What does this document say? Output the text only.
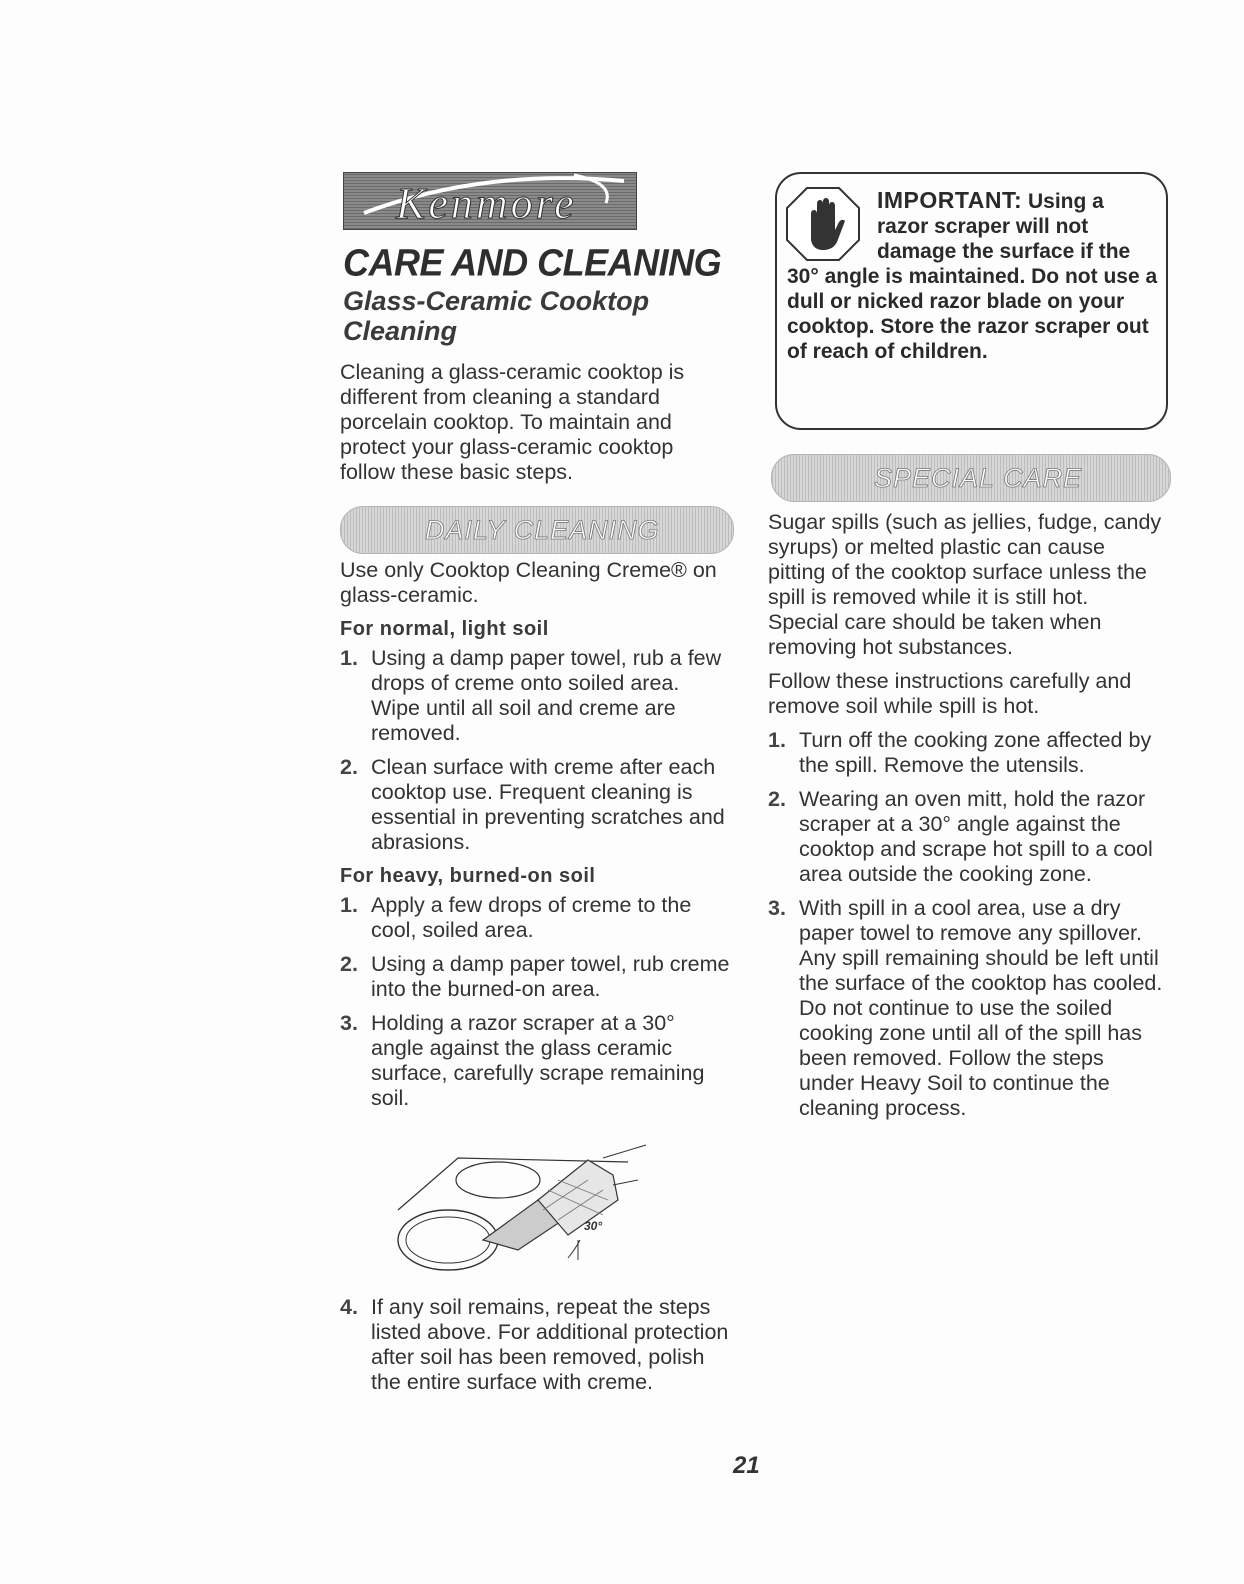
Kenmore
CARE AND CLEANING
Glass-Ceramic Cooktop Cleaning
Cleaning a glass-ceramic cooktop is different from cleaning a standard porcelain cooktop. To maintain and protect your glass-ceramic cooktop follow these basic steps.
DAILY CLEANING

Use only Cooktop Cleaning Creme® on glass-ceramic.

For normal, light soil
1. Using a damp paper towel, rub a few drops of creme onto soiled area. Wipe until all soil and creme are removed.
2. Clean surface with creme after each cooktop use. Frequent cleaning is essential in preventing scratches and abrasions.
For heavy, burned-on soil
1. Apply a few drops of creme to the cool, soiled area.
2. Using a damp paper towel, rub creme into the burned-on area.
3. Holding a razor scraper at a 30° angle against the glass ceramic surface, carefully scrape remaining soil.
30°
4. If any soil remains, repeat the steps listed above. For additional protection after soil has been removed, polish the entire surface with creme.
IMPORTANT: Using a razor scraper will not damage the surface if the 30° angle is maintained. Do not use a dull or nicked razor blade on your cooktop. Store the razor scraper out of reach of children.
SPECIAL CARE

Sugar spills (such as jellies, fudge, candy syrups) or melted plastic can cause pitting of the cooktop surface unless the spill is removed while it is still hot. Special care should be taken when removing hot substances.

Follow these instructions carefully and remove soil while spill is hot.

1. Turn off the cooking zone affected by the spill. Remove the utensils.
2. Wearing an oven mitt, hold the razor scraper at a 30° angle against the cooktop and scrape hot spill to a cool area outside the cooking zone.
3. With spill in a cool area, use a dry paper towel to remove any spillover. Any spill remaining should be left until the surface of the cooktop has cooled. Do not continue to use the soiled cooking zone until all of the spill has been removed. Follow the steps under Heavy Soil to continue the cleaning process.
21
